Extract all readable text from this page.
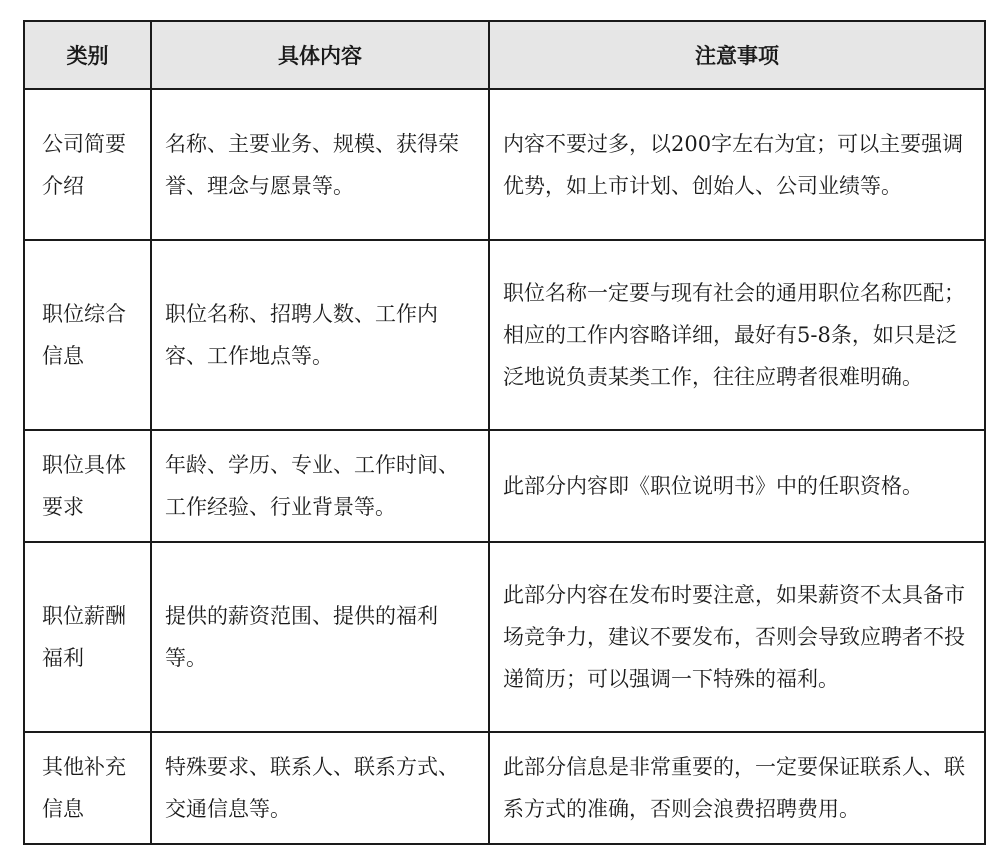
类别	具体内容	注意事项
公司简要介绍	名称、主要业务、规模、获得荣誉、理念与愿景等。	内容不要过多，以200字左右为宜；可以主要强调优势，如上市计划、创始人、公司业绩等。
职位综合信息	职位名称、招聘人数、工作内容、工作地点等。	职位名称一定要与现有社会的通用职位名称匹配；相应的工作内容略详细，最好有5-8条，如只是泛泛地说负责某类工作，往往应聘者很难明确。
职位具体要求	年龄、学历、专业、工作时间、工作经验、行业背景等。	此部分内容即《职位说明书》中的任职资格。
职位薪酬福利	提供的薪资范围、提供的福利等。	此部分内容在发布时要注意，如果薪资不太具备市场竞争力，建议不要发布，否则会导致应聘者不投递简历；可以强调一下特殊的福利。
其他补充信息	特殊要求、联系人、联系方式、交通信息等。	此部分信息是非常重要的，一定要保证联系人、联系方式的准确，否则会浪费招聘费用。
